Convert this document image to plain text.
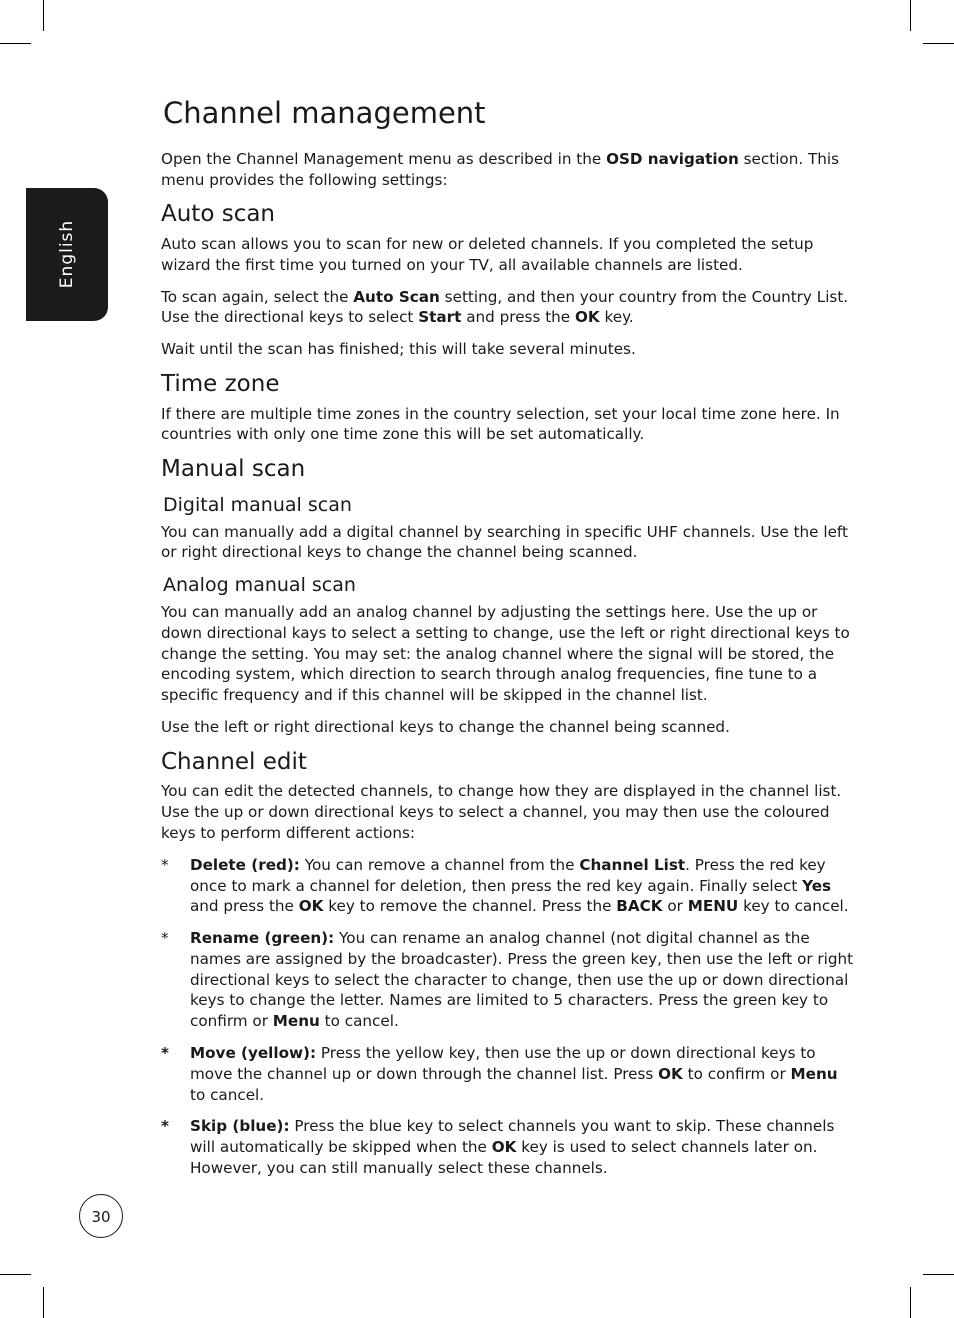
English
Channel management

Open the Channel Management menu as described in the OSD navigation section. This menu provides the following settings:

Auto scan

Auto scan allows you to scan for new or deleted channels. If you completed the setup wizard the first time you turned on your TV, all available channels are listed.

To scan again, select the Auto Scan setting, and then your country from the Country List. Use the directional keys to select Start and press the OK key.

Wait until the scan has finished; this will take several minutes.

Time zone

If there are multiple time zones in the country selection, set your local time zone here. In countries with only one time zone this will be set automatically.

Manual scan
Digital manual scan

You can manually add a digital channel by searching in specific UHF channels. Use the left or right directional keys to change the channel being scanned.

Analog manual scan

You can manually add an analog channel by adjusting the settings here. Use the up or down directional kays to select a setting to change, use the left or right directional keys to change the setting. You may set: the analog channel where the signal will be stored, the encoding system, which direction to search through analog frequencies, fine tune to a specific frequency and if this channel will be skipped in the channel list.

Use the left or right directional keys to change the channel being scanned.

Channel edit

You can edit the detected channels, to change how they are displayed in the channel list. Use the up or down directional keys to select a channel, you may then use the coloured keys to perform different actions:

* Delete (red): You can remove a channel from the Channel List. Press the red key once to mark a channel for deletion, then press the red key again. Finally select Yes and press the OK key to remove the channel. Press the BACK or MENU key to cancel.
* Rename (green): You can rename an analog channel (not digital channel as the names are assigned by the broadcaster). Press the green key, then use the left or right directional keys to select the character to change, then use the up or down directional keys to change the letter. Names are limited to 5 characters. Press the green key to confirm or Menu to cancel.
* Move (yellow): Press the yellow key, then use the up or down directional keys to move the channel up or down through the channel list. Press OK to confirm or Menu to cancel.
* Skip (blue): Press the blue key to select channels you want to skip. These channels will automatically be skipped when the OK key is used to select channels later on. However, you can still manually select these channels.
30
